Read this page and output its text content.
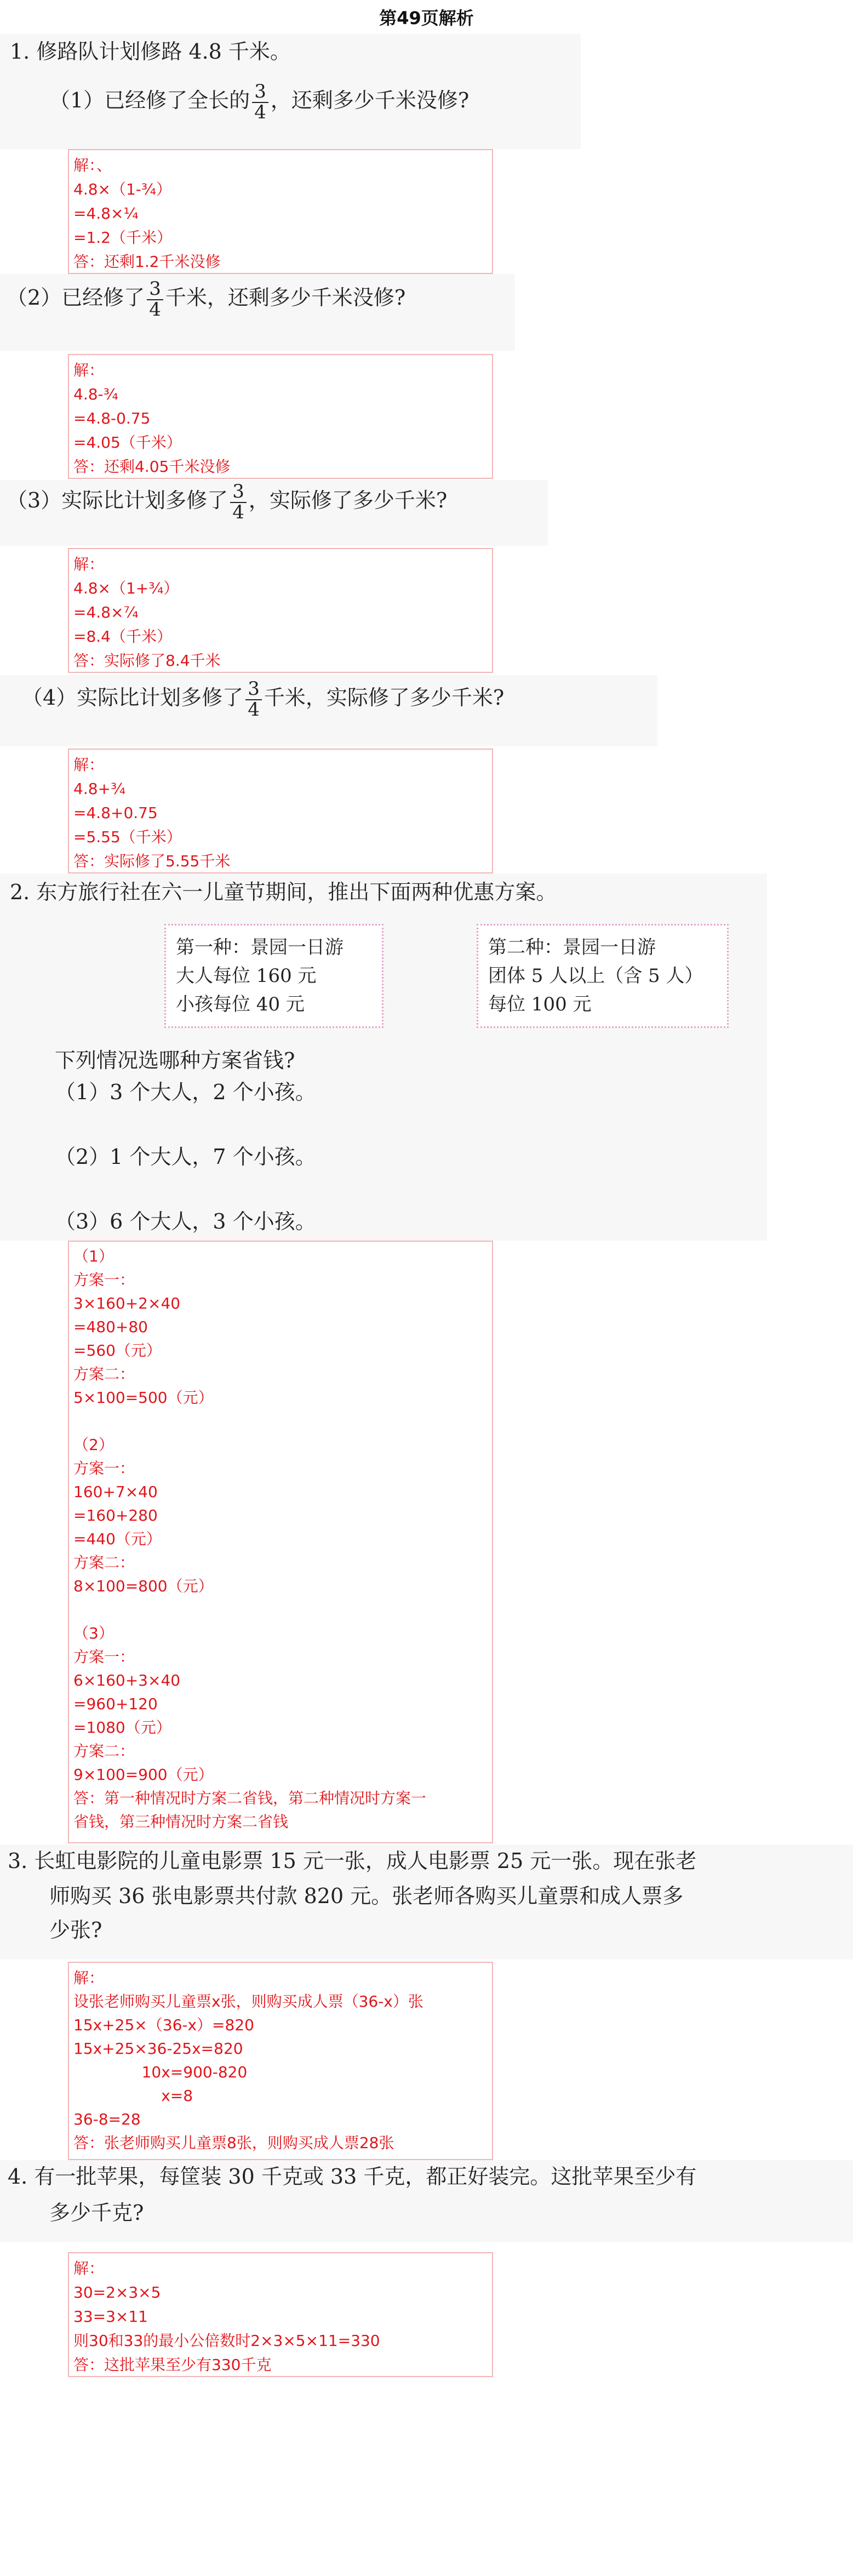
第49页解析
1. 修路队计划修路 4.8 千米。
（1）已经修了全长的 $\frac{3}{4}$ ，还剩多少千米没修?
解：、
4.8×（1-¾）
=4.8×¼
=1.2（千米）
答：还剩1.2千米没修
（2）已经修了 $\frac{3}{4}$ 千米，还剩多少千米没修?
解：
4.8-¾
=4.8-0.75
=4.05（千米）
答：还剩4.05千米没修
（3）实际比计划多修了 $\frac{3}{4}$ ，实际修了多少千米?
解：
4.8×（1+¾）
=4.8×⁷⁄₄
=8.4（千米）
答：实际修了8.4千米
（4）实际比计划多修了 $\frac{3}{4}$ 千米，实际修了多少千米?
解：
4.8+¾
=4.8+0.75
=5.55（千米）
答：实际修了5.55千米
2. 东方旅行社在六一儿童节期间，推出下面两种优惠方案。
第一种：景园一日游
大人每位 160 元
小孩每位 40 元
第二种：景园一日游
团体 5 人以上（含 5 人）
每位 100 元
下列情况选哪种方案省钱?
（1）3 个大人，2 个小孩。
（2）1 个大人，7 个小孩。
（3）6 个大人，3 个小孩。
（1）
方案一：
3×160+2×40
=480+80
=560（元）
方案二：
5×100=500（元）
（2）
方案一：
160+7×40
=160+280
=440（元）
方案二：
8×100=800（元）
（3）
方案一：
6×160+3×40
=960+120
=1080（元）
方案二：
9×100=900（元）
答：第一种情况时方案二省钱，第二种情况时方案一
省钱，第三种情况时方案二省钱
3. 长虹电影院的儿童电影票 15 元一张，成人电影票 25 元一张。现在张老
师购买 36 张电影票共付款 820 元。张老师各购买儿童票和成人票多
少张?
解：
设张老师购买儿童票x张，则购买成人票（36-x）张
15x+25×（36-x）=820
15x+25×36-25x=820
10x=900-820
x=8
36-8=28
答：张老师购买儿童票8张，则购买成人票28张
4. 有一批苹果，每筐装 30 千克或 33 千克，都正好装完。这批苹果至少有
多少千克?
解：
30=2×3×5
33=3×11
则30和33的最小公倍数时2×3×5×11=330
答：这批苹果至少有330千克
